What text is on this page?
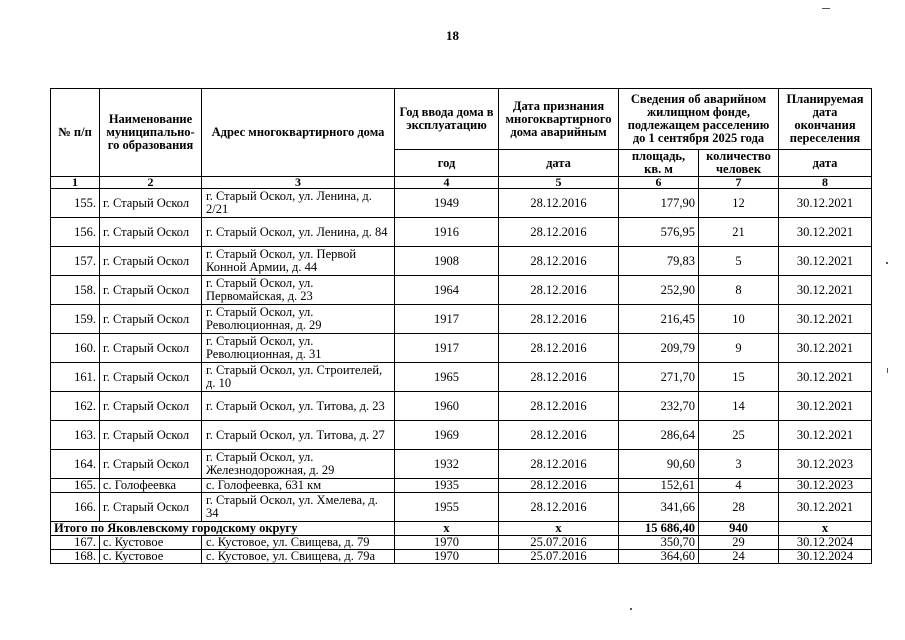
18
№ п/п	Наименование муниципально-го образования	Адрес многоквартирного дома	Год ввода дома в эксплуатацию	Дата признания многоквартирного дома аварийным	Сведения об аварийном жилищном фонде, подлежащем расселению до 1 сентября 2025 года		Планируемая дата окончания переселения
			год	дата	площадь, кв. м	количество человек	дата
1	2	3	4	5	6	7	8
155.	г. Старый Оскол	г. Старый Оскол, ул. Ленина, д. 2/21	1949	28.12.2016	177,90	12	30.12.2021
156.	г. Старый Оскол	г. Старый Оскол, ул. Ленина, д. 84	1916	28.12.2016	576,95	21	30.12.2021
157.	г. Старый Оскол	г. Старый Оскол, ул. Первой Конной Армии, д. 44	1908	28.12.2016	79,83	5	30.12.2021
158.	г. Старый Оскол	г. Старый Оскол, ул. Первомайская, д. 23	1964	28.12.2016	252,90	8	30.12.2021
159.	г. Старый Оскол	г. Старый Оскол, ул. Революционная, д. 29	1917	28.12.2016	216,45	10	30.12.2021
160.	г. Старый Оскол	г. Старый Оскол, ул. Революционная, д. 31	1917	28.12.2016	209,79	9	30.12.2021
161.	г. Старый Оскол	г. Старый Оскол, ул. Строителей, д. 10	1965	28.12.2016	271,70	15	30.12.2021
162.	г. Старый Оскол	г. Старый Оскол, ул. Титова, д. 23	1960	28.12.2016	232,70	14	30.12.2021
163.	г. Старый Оскол	г. Старый Оскол, ул. Титова, д. 27	1969	28.12.2016	286,64	25	30.12.2021
164.	г. Старый Оскол	г. Старый Оскол, ул. Железнодорожная, д. 29	1932	28.12.2016	90,60	3	30.12.2023
165.	с. Голофеевка	с. Голофеевка, 631 км	1935	28.12.2016	152,61	4	30.12.2023
166.	г. Старый Оскол	г. Старый Оскол, ул. Хмелева, д. 34	1955	28.12.2016	341,66	28	30.12.2021
Итого по Яковлевскому городскому округу			x	x	15 686,40	940	x
167.	с. Кустовое	с. Кустовое, ул. Свищева, д. 79	1970	25.07.2016	350,70	29	30.12.2024
168.	с. Кустовое	с. Кустовое, ул. Свищева, д. 79а	1970	25.07.2016	364,60	24	30.12.2024
